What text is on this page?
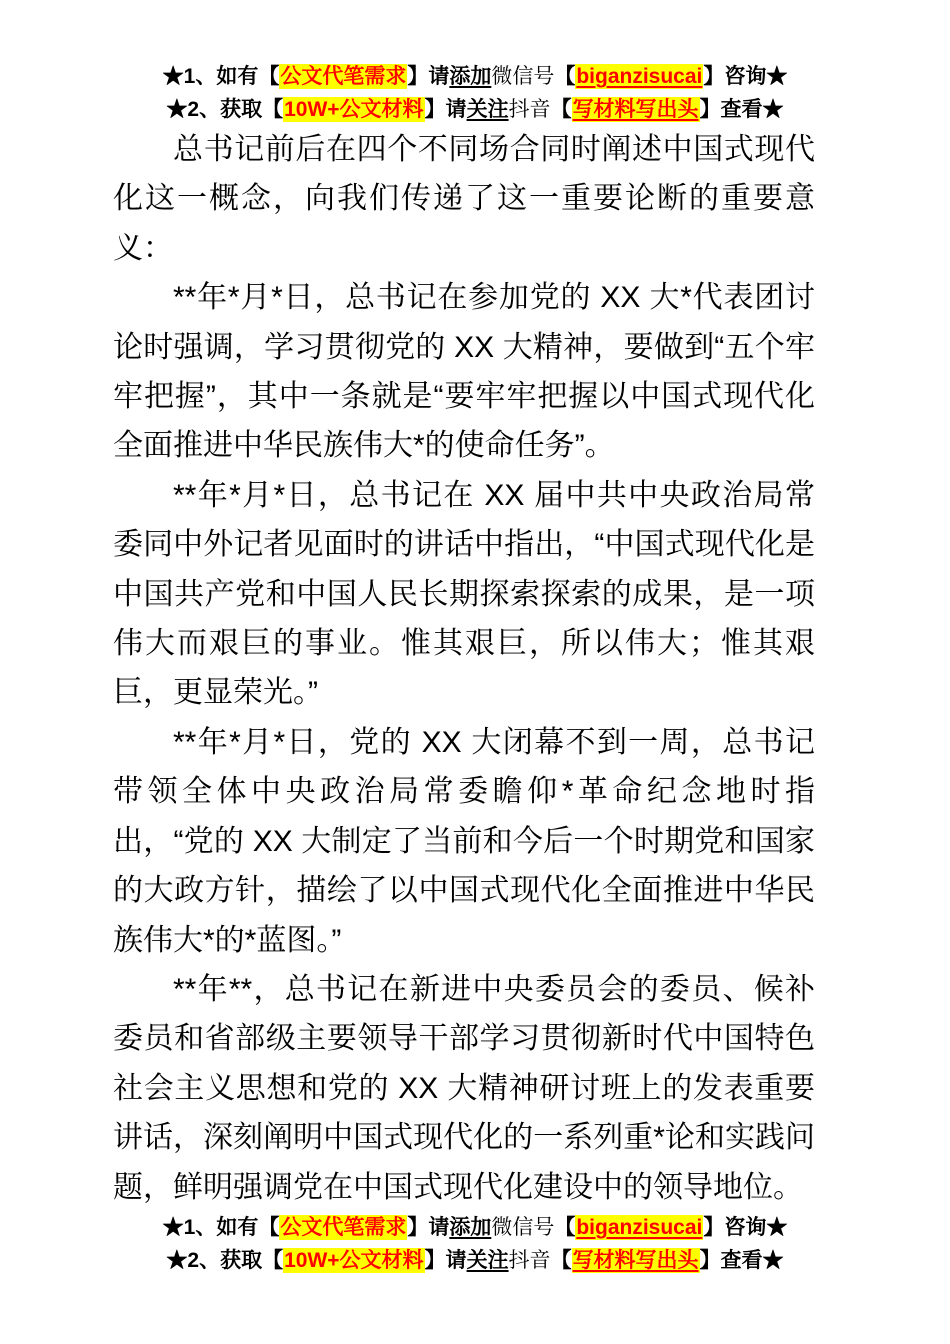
★1、如有【公文代笔需求】请添加微信号【biganzisucai】咨询★
★2、获取【10W+公文材料】请关注抖音【写材料写出头】查看★

总书记前后在四个不同场合同时阐述中国式现代化这一概念，向我们传递了这一重要论断的重要意义：

**年*月*日，总书记在参加党的 XX 大*代表团讨论时强调，学习贯彻党的 XX 大精神，要做到“五个牢牢把握”，其中一条就是“要牢牢把握以中国式现代化全面推进中华民族伟大*的使命任务”。

**年*月*日，总书记在 XX 届中共中央政治局常委同中外记者见面时的讲话中指出，“中国式现代化是中国共产党和中国人民长期探索探索的成果，是一项伟大而艰巨的事业。惟其艰巨，所以伟大；惟其艰巨，更显荣光。”

**年*月*日，党的 XX 大闭幕不到一周，总书记带领全体中央政治局常委瞻仰*革命纪念地时指出，“党的 XX 大制定了当前和今后一个时期党和国家的大政方针，描绘了以中国式现代化全面推进中华民族伟大*的*蓝图。”

**年**，总书记在新进中央委员会的委员、候补委员和省部级主要领导干部学习贯彻新时代中国特色社会主义思想和党的 XX 大精神研讨班上的发表重要讲话，深刻阐明中国式现代化的一系列重*论和实践问题，鲜明强调党在中国式现代化建设中的领导地位。

★1、如有【公文代笔需求】请添加微信号【biganzisucai】咨询★
★2、获取【10W+公文材料】请关注抖音【写材料写出头】查看★
